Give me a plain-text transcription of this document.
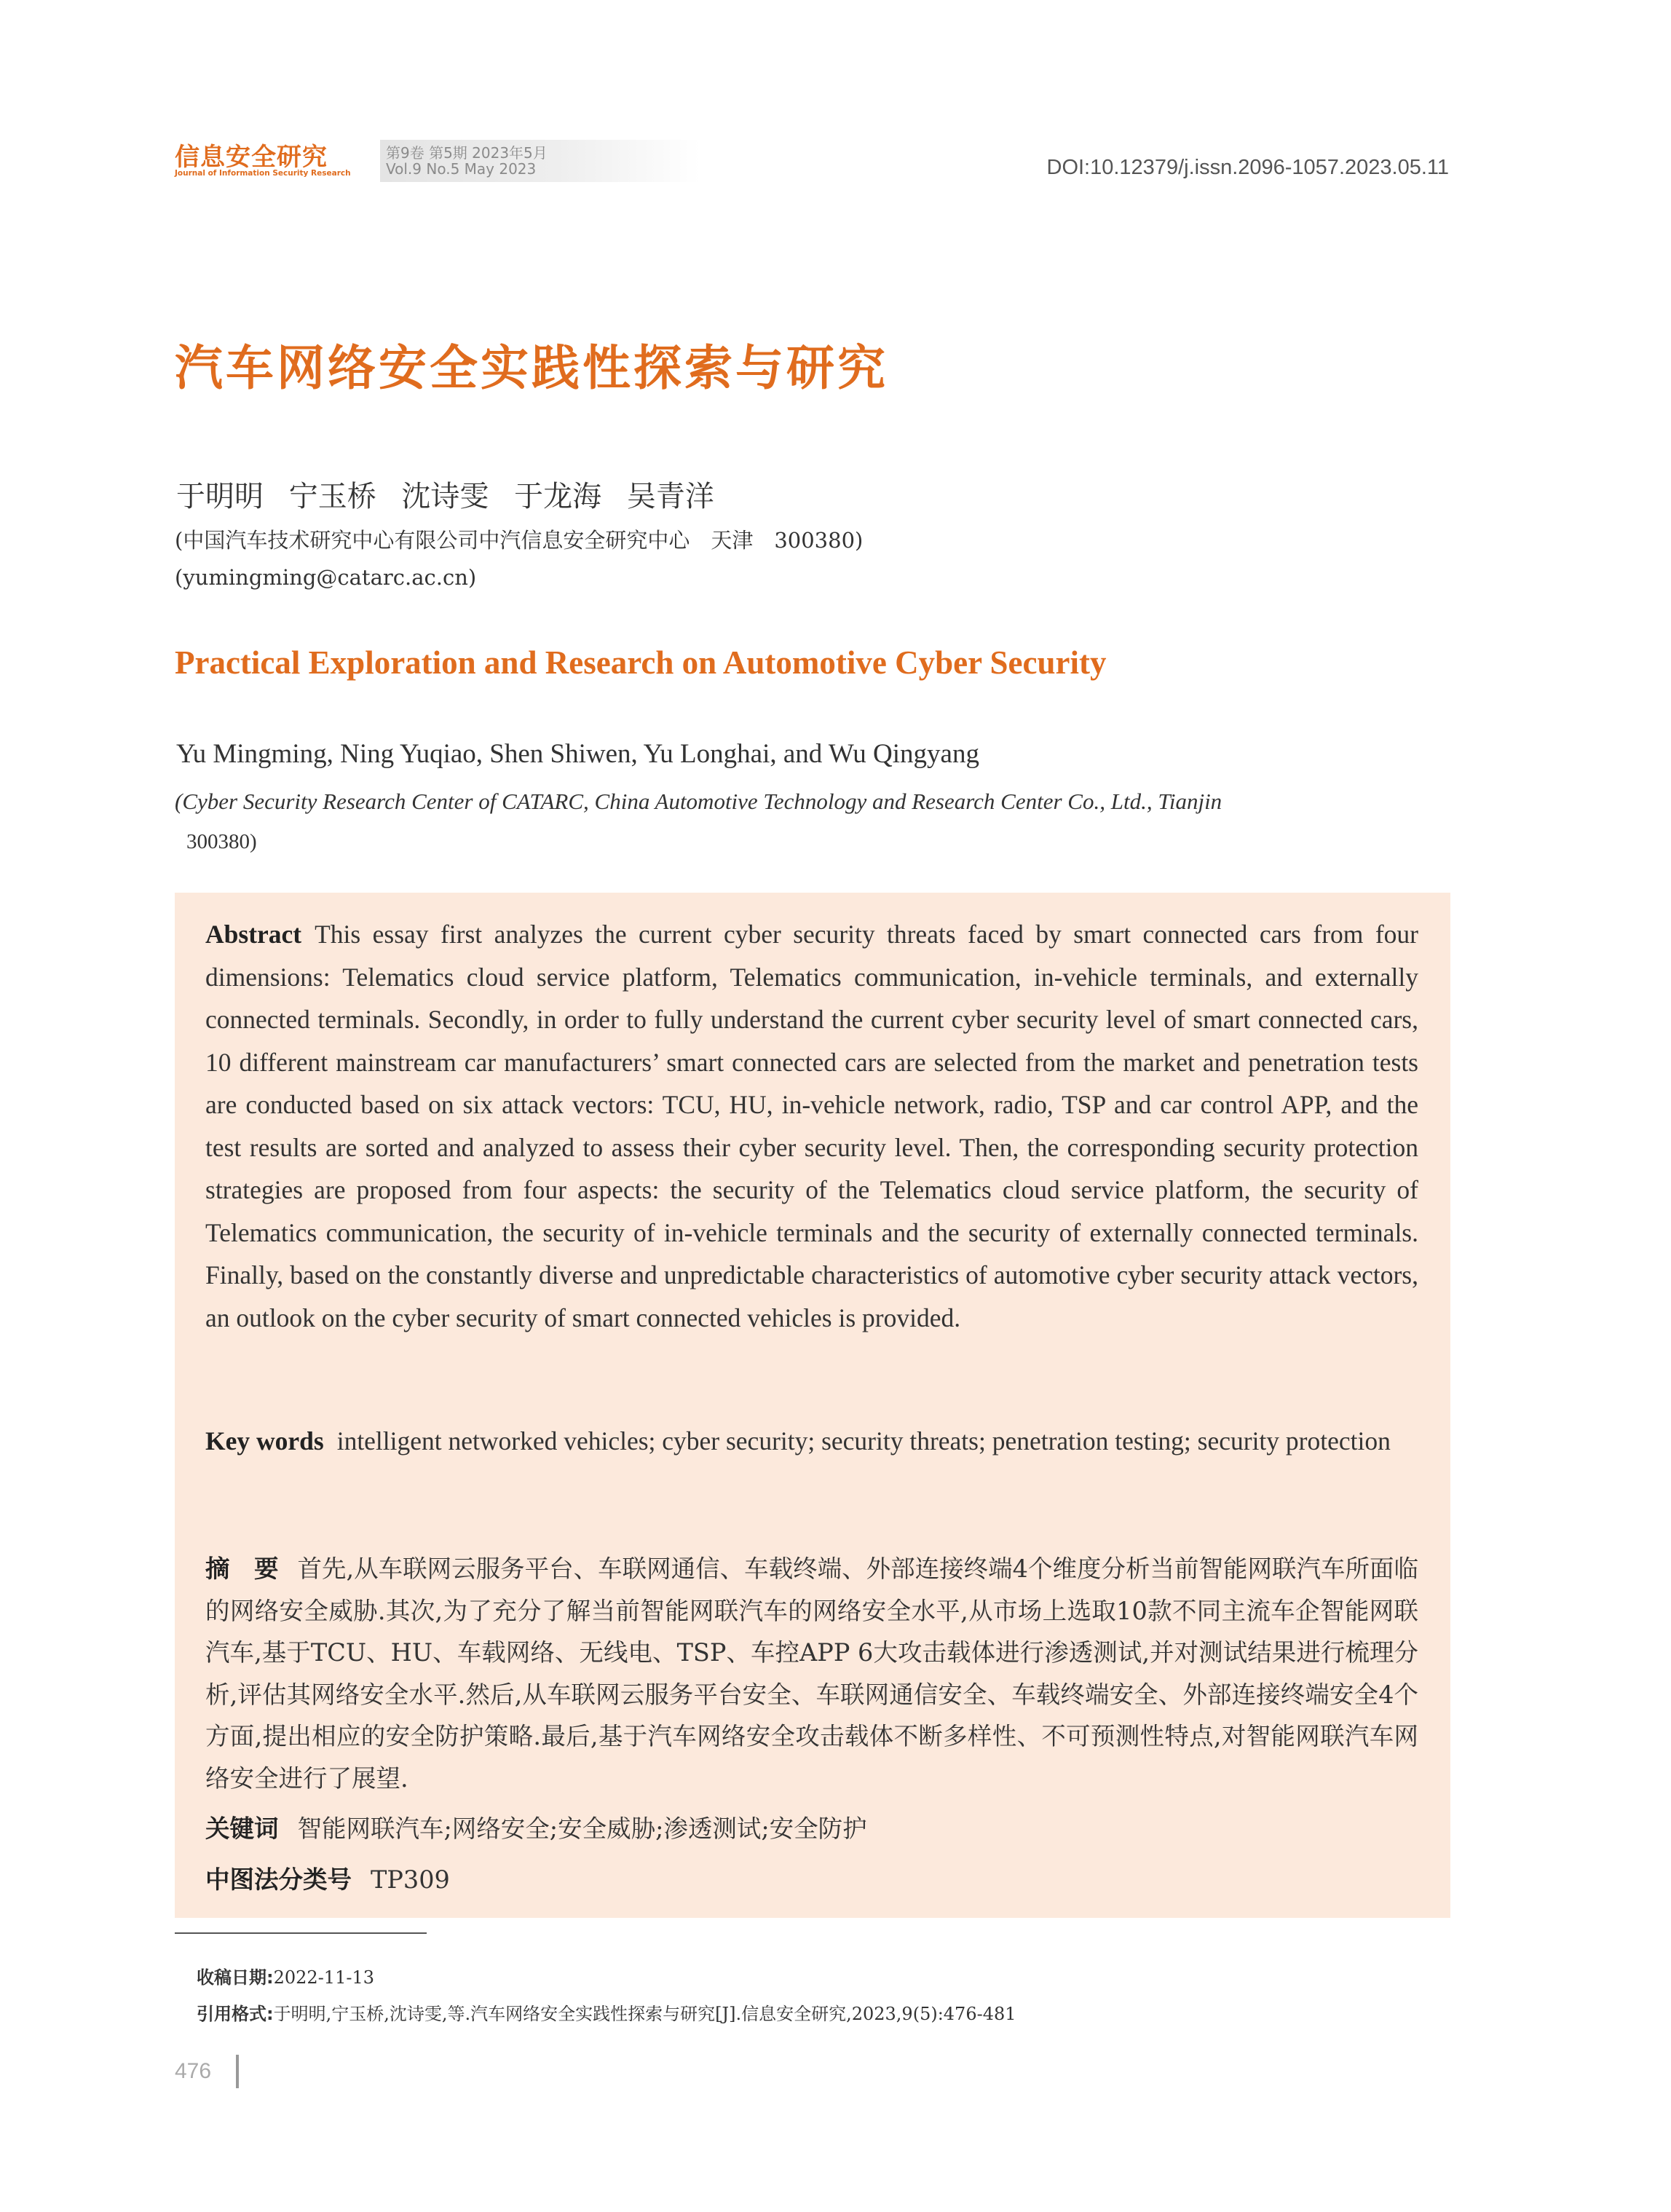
信息安全研究
Journal of Information Security Research
第9卷 第5期 2023年5月
Vol.9 No.5 May 2023	DOI:10.12379/j.issn.2096-1057.2023.05.11
汽车网络安全实践性探索与研究
于明明 宁玉桥 沈诗雯 于龙海 吴青洋
(中国汽车技术研究中心有限公司中汽信息安全研究中心　天津　300380)
(yumingming@catarc.ac.cn)
Practical Exploration and Research on Automotive Cyber Security
Yu Mingming, Ning Yuqiao, Shen Shiwen, Yu Longhai, and Wu Qingyang
(Cyber Security Research Center of CATARC, China Automotive Technology and Research Center Co., Ltd., Tianjin
300380)
Abstract This essay first analyzes the current cyber security threats faced by smart connected cars from four dimensions: Telematics cloud service platform, Telematics communication, in-vehicle terminals, and externally connected terminals. Secondly, in order to fully understand the current cyber security level of smart connected cars, 10 different mainstream car manufacturers’ smart connected cars are selected from the market and penetration tests are conducted based on six attack vectors: TCU, HU, in-vehicle network, radio, TSP and car control APP, and the test results are sorted and analyzed to assess their cyber security level. Then, the corresponding security protection strategies are proposed from four aspects: the security of the Telematics cloud service platform, the security of Telematics communication, the security of in-vehicle terminals and the security of externally connected terminals. Finally, based on the constantly diverse and unpredictable characteristics of automotive cyber security attack vectors, an outlook on the cyber security of smart connected vehicles is provided.
Key words intelligent networked vehicles; cyber security; security threats; penetration testing; security protection
摘　要 首先,从车联网云服务平台、车联网通信、车载终端、外部连接终端4个维度分析当前智能网联汽车所面临的网络安全威胁.其次,为了充分了解当前智能网联汽车的网络安全水平,从市场上选取10款不同主流车企智能网联汽车,基于TCU、HU、车载网络、无线电、TSP、车控APP 6大攻击载体进行渗透测试,并对测试结果进行梳理分析,评估其网络安全水平.然后,从车联网云服务平台安全、车联网通信安全、车载终端安全、外部连接终端安全4个方面,提出相应的安全防护策略.最后,基于汽车网络安全攻击载体不断多样性、不可预测性特点,对智能网联汽车网络安全进行了展望.
关键词 智能网联汽车;网络安全;安全威胁;渗透测试;安全防护
中图法分类号 TP309
收稿日期:2022-11-13
引用格式:于明明,宁玉桥,沈诗雯,等.汽车网络安全实践性探索与研究[J].信息安全研究,2023,9(5):476-481
476
